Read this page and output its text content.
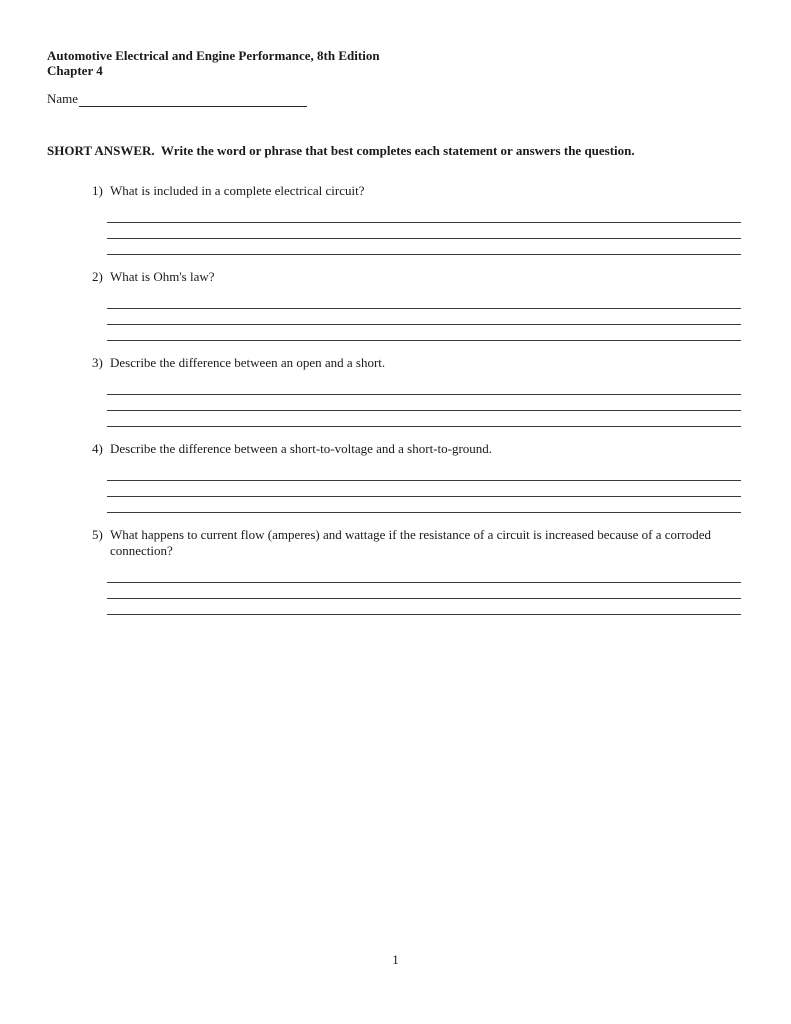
Automotive Electrical and Engine Performance, 8th Edition
Chapter 4
Name
SHORT ANSWER.  Write the word or phrase that best completes each statement or answers the question.
1) What is included in a complete electrical circuit?
2) What is Ohm's law?
3) Describe the difference between an open and a short.
4) Describe the difference between a short-to-voltage and a short-to-ground.
5) What happens to current flow (amperes) and wattage if the resistance of a circuit is increased because of a corroded connection?
1
